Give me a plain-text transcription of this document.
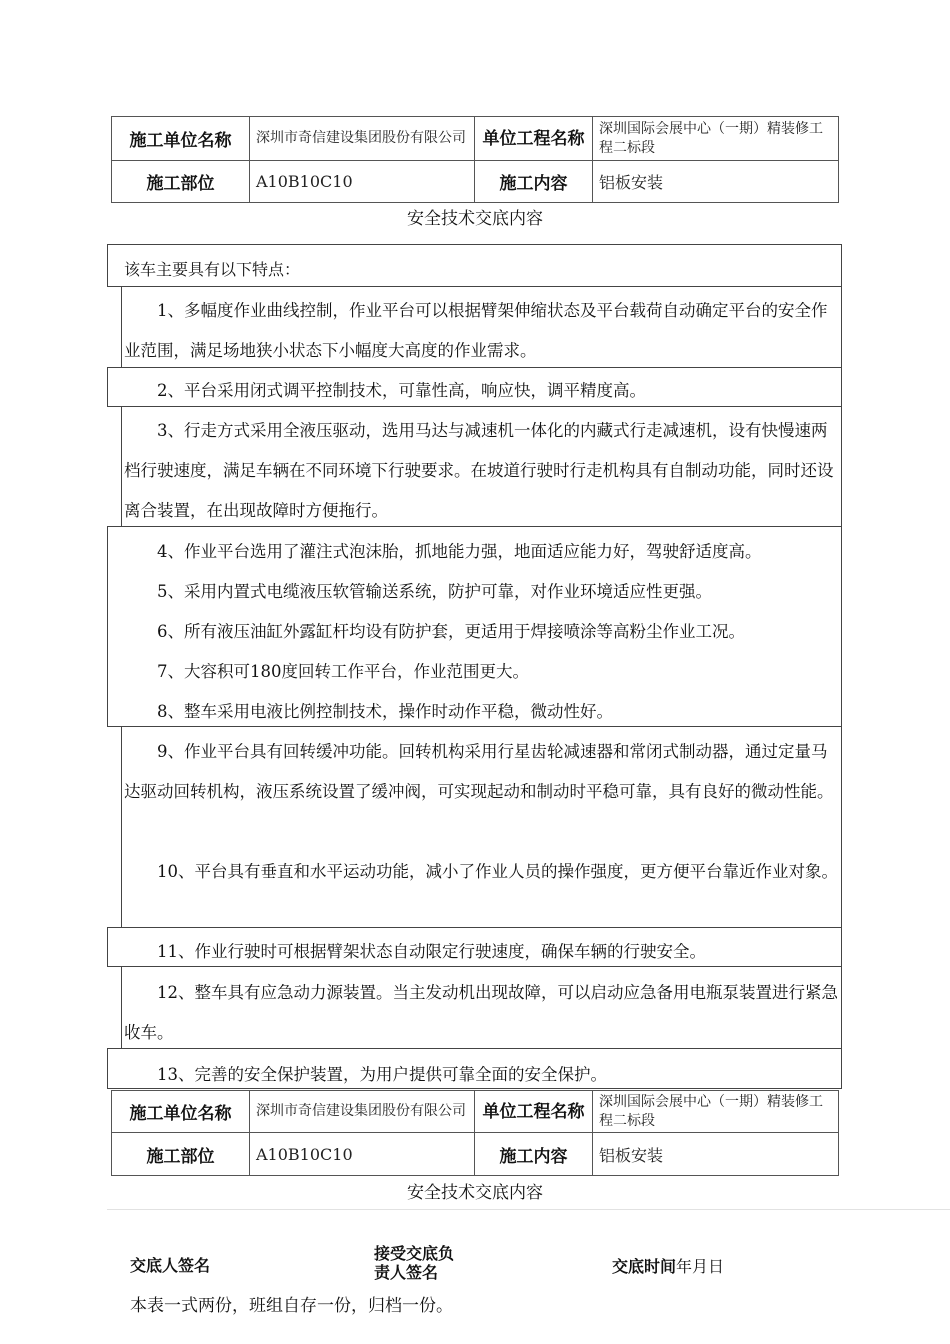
施工单位名称	深圳市奇信建设集团股份有限公司	单位工程名称	深圳国际会展中心（一期）精装修工程二标段
施工部位	A10B10C10	施工内容	铝板安装
安全技术交底内容
该车主要具有以下特点：
1、多幅度作业曲线控制，作业平台可以根据臂架伸缩状态及平台载荷自动确定平台的安全作业范围，满足场地狭小状态下小幅度大高度的作业需求。
2、平台采用闭式调平控制技术，可靠性高，响应快，调平精度高。
3、行走方式采用全液压驱动，选用马达与减速机一体化的内藏式行走减速机，设有快慢速两档行驶速度，满足车辆在不同环境下行驶要求。在坡道行驶时行走机构具有自制动功能，同时还设离合装置，在出现故障时方便拖行。
4、作业平台选用了灌注式泡沫胎，抓地能力强，地面适应能力好，驾驶舒适度高。
5、采用内置式电缆液压软管输送系统，防护可靠，对作业环境适应性更强。
6、所有液压油缸外露缸杆均设有防护套，更适用于焊接喷涂等高粉尘作业工况。
7、大容积可180度回转工作平台，作业范围更大。
8、整车采用电液比例控制技术，操作时动作平稳，微动性好。
9、作业平台具有回转缓冲功能。回转机构采用行星齿轮减速器和常闭式制动器，通过定量马达驱动回转机构，液压系统设置了缓冲阀，可实现起动和制动时平稳可靠，具有良好的微动性能。
10、平台具有垂直和水平运动功能，减小了作业人员的操作强度，更方便平台靠近作业对象。
11、作业行驶时可根据臂架状态自动限定行驶速度，确保车辆的行驶安全。
12、整车具有应急动力源装置。当主发动机出现故障，可以启动应急备用电瓶泵装置进行紧急收车。
13、完善的安全保护装置，为用户提供可靠全面的安全保护。
施工单位名称	深圳市奇信建设集团股份有限公司	单位工程名称	深圳国际会展中心（一期）精装修工程二标段
施工部位	A10B10C10	施工内容	铝板安装
安全技术交底内容
交底人签名
接受交底负责人签名	交底时间年月日
本表一式两份，班组自存一份，归档一份。
